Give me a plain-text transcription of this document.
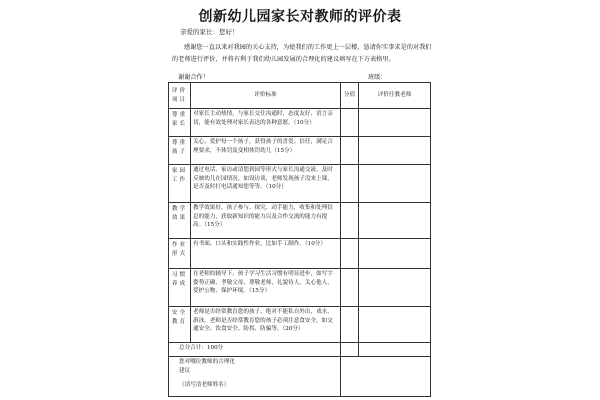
创新幼儿园家长对教师的评价表
亲爱的家长：您好！
感谢您一直以来对我园的关心支持，为使我们的工作更上一层楼，恳请你实事求是的对我们的老师进行评价，并将有利于我们幼儿园发展的合理化的建议填写在下方表格里。
谢谢合作！	班级：
评价项目	评价标准	分值	评价任教老师
尊重家长	对家长主动热情，与家长交往沟通时，态度友好、语言亲切，能有效处理对家长表达的各种意愿。（10分）		
尊重孩子	关心、爱护每一个孩子，获得孩子的喜爱、信任，满足合理要求，不体罚及变相体罚幼儿（15分）		
家园工作	通过电话、家访或请您到园等形式与家长沟通交流，及时反映幼儿在园情况。如设访谈，老师发现孩子没来上课，是否及时打电话通知您等等。（10分）		
教学效果	教学效果好，孩子参与、探究、动手能力，收集和处理信息的能力，获取新知识的能力以及合作交流的能力有提高。（15分）		
作业形式	有书面、口头和实践性作业，比如手工制作。（10分）		
习惯养成	在老师的辅导下，孩子学习生活习惯有明显进步，如写字姿势正确、孝敬父母、尊敬老师，礼貌待人，关心他人，爱护公物、保护环境。（15分）		
安全教育	老师是否经常教育您的孩子，绝对不能私自外出，戏水，游泳。老师是否经常教育您的孩子必须注意食安全，如交通安全、饮食安全、防拐、防骗等。（20分）		
总分合计：100分			

您对哪位教师的合理化建议
（请写清老师姓名）			
